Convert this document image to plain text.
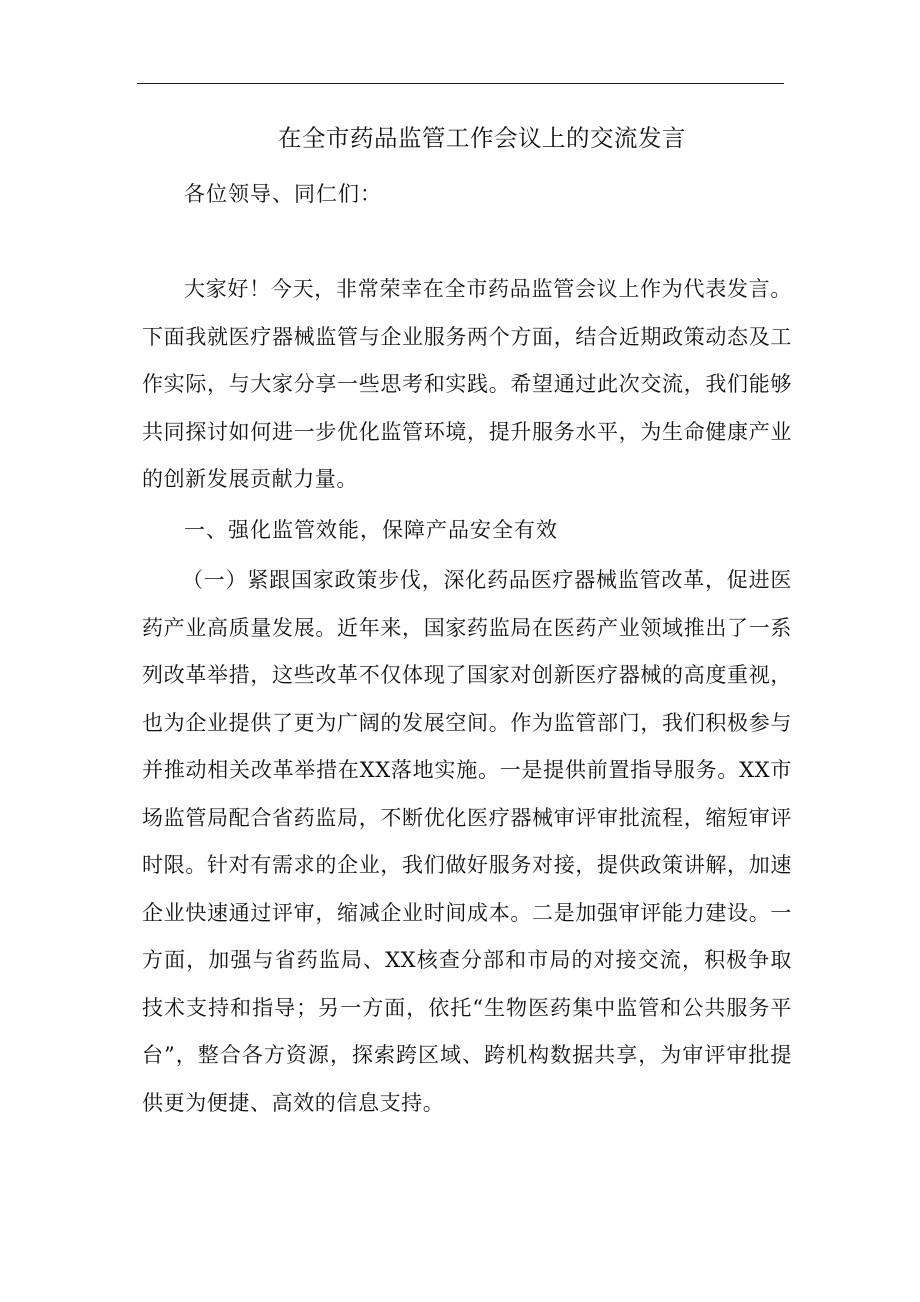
在全市药品监管工作会议上的交流发言
各位领导、同仁们：
大家好！今天，非常荣幸在全市药品监管会议上作为代表发言。下面我就医疗器械监管与企业服务两个方面，结合近期政策动态及工作实际，与大家分享一些思考和实践。希望通过此次交流，我们能够共同探讨如何进一步优化监管环境，提升服务水平，为生命健康产业的创新发展贡献力量。
一、强化监管效能，保障产品安全有效
（一）紧跟国家政策步伐，深化药品医疗器械监管改革，促进医药产业高质量发展。近年来，国家药监局在医药产业领域推出了一系列改革举措，这些改革不仅体现了国家对创新医疗器械的高度重视，也为企业提供了更为广阔的发展空间。作为监管部门，我们积极参与并推动相关改革举措在XX落地实施。一是提供前置指导服务。XX市场监管局配合省药监局，不断优化医疗器械审评审批流程，缩短审评时限。针对有需求的企业，我们做好服务对接，提供政策讲解，加速企业快速通过评审，缩减企业时间成本。二是加强审评能力建设。一方面，加强与省药监局、XX核查分部和市局的对接交流，积极争取技术支持和指导；另一方面，依托“生物医药集中监管和公共服务平台”，整合各方资源，探索跨区域、跨机构数据共享，为审评审批提供更为便捷、高效的信息支持。
